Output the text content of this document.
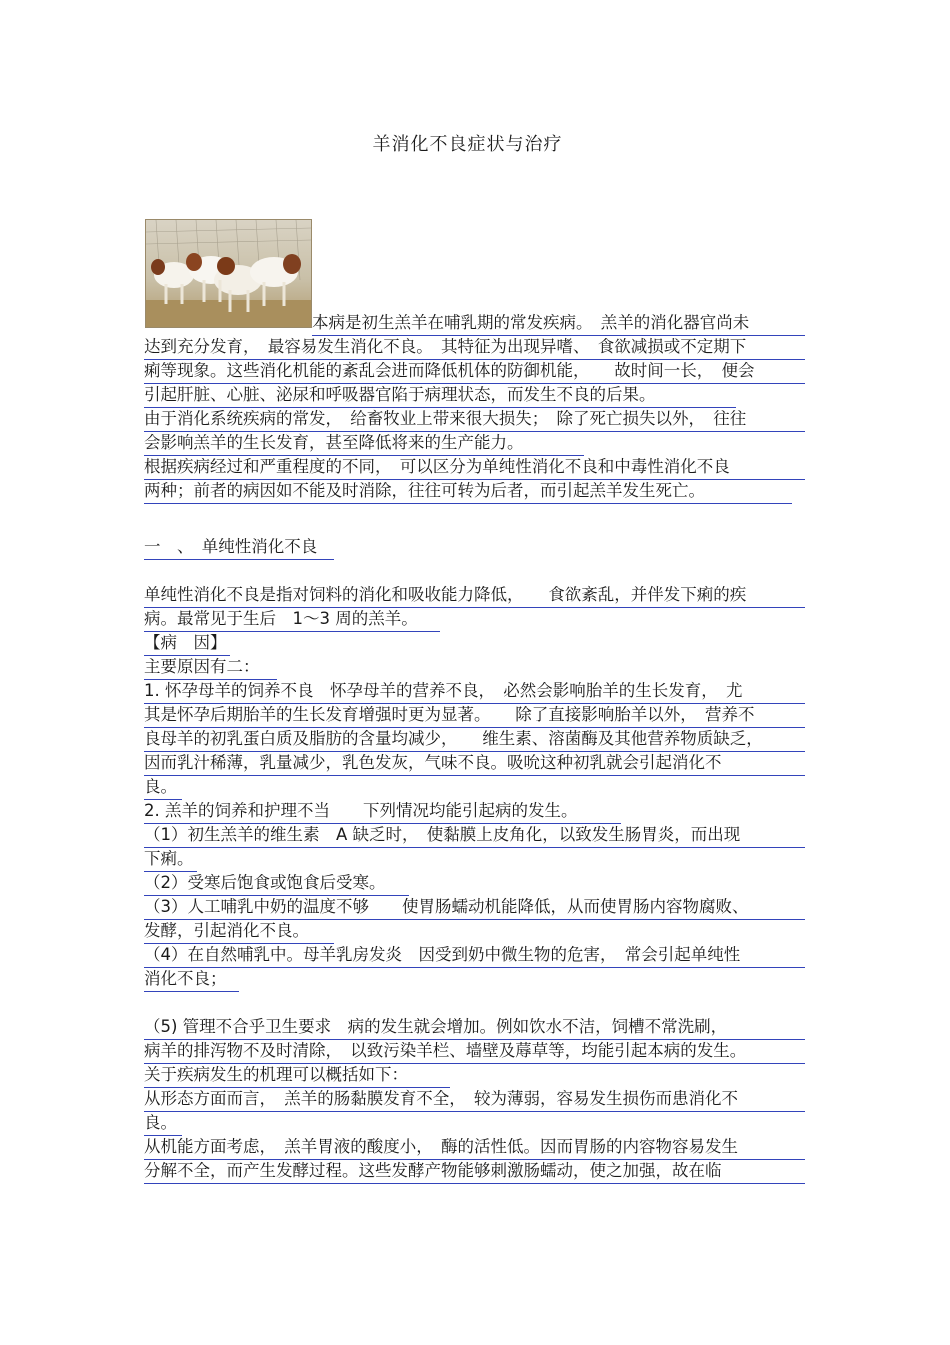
羊消化不良症状与治疗
本病是初生羔羊在哺乳期的常发疾病。　羔羊的消化器官尚未
达到充分发育，　最容易发生消化不良。　其特征为出现异嗜、　食欲减损或不定期下
痢等现象。这些消化机能的紊乱会进而降低机体的防御机能，　　故时间一长，　便会
引起肝脏、心脏、泌尿和呼吸器官陷于病理状态，而发生不良的后果。
由于消化系统疾病的常发，　给畜牧业上带来很大损失；　除了死亡损失以外，　往往
会影响羔羊的生长发育，甚至降低将来的生产能力。
根据疾病经过和严重程度的不同，　可以区分为单纯性消化不良和中毒性消化不良
两种；前者的病因如不能及时消除，往往可转为后者，而引起羔羊发生死亡。
一　、　单纯性消化不良
单纯性消化不良是指对饲料的消化和吸收能力降低，　　食欲紊乱，并伴发下痢的疾
病。最常见于生后　1～3 周的羔羊。
【病　因】
主要原因有二：
1. 怀孕母羊的饲养不良　怀孕母羊的营养不良，　必然会影响胎羊的生长发育，　尤
其是怀孕后期胎羊的生长发育增强时更为显著。　　除了直接影响胎羊以外，　营养不
良母羊的初乳蛋白质及脂肪的含量均减少，　　维生素、溶菌酶及其他营养物质缺乏，
因而乳汁稀薄，乳量减少，乳色发灰，气味不良。吸吮这种初乳就会引起消化不
良。
2. 羔羊的饲养和护理不当　　下列情况均能引起病的发生。
（1）初生羔羊的维生素　A 缺乏时，　使黏膜上皮角化，以致发生肠胃炎，而出现
下痢。
（2）受寒后饱食或饱食后受寒。
（3）人工哺乳中奶的温度不够　　使胃肠蠕动机能降低，从而使胃肠内容物腐败、
发酵，引起消化不良。
（4）在自然哺乳中。母羊乳房发炎　因受到奶中微生物的危害，　常会引起单纯性
消化不良；
（5) 管理不合乎卫生要求　病的发生就会增加。例如饮水不洁，饲槽不常洗刷，
病羊的排泻物不及时清除，　以致污染羊栏、墙壁及蓐草等，均能引起本病的发生。
关于疾病发生的机理可以概括如下：
从形态方面而言，　羔羊的肠黏膜发育不全，　较为薄弱，容易发生损伤而患消化不
良。
从机能方面考虑，　羔羊胃液的酸度小，　酶的活性低。因而胃肠的内容物容易发生
分解不全，而产生发酵过程。这些发酵产物能够刺激肠蠕动，使之加强，故在临
